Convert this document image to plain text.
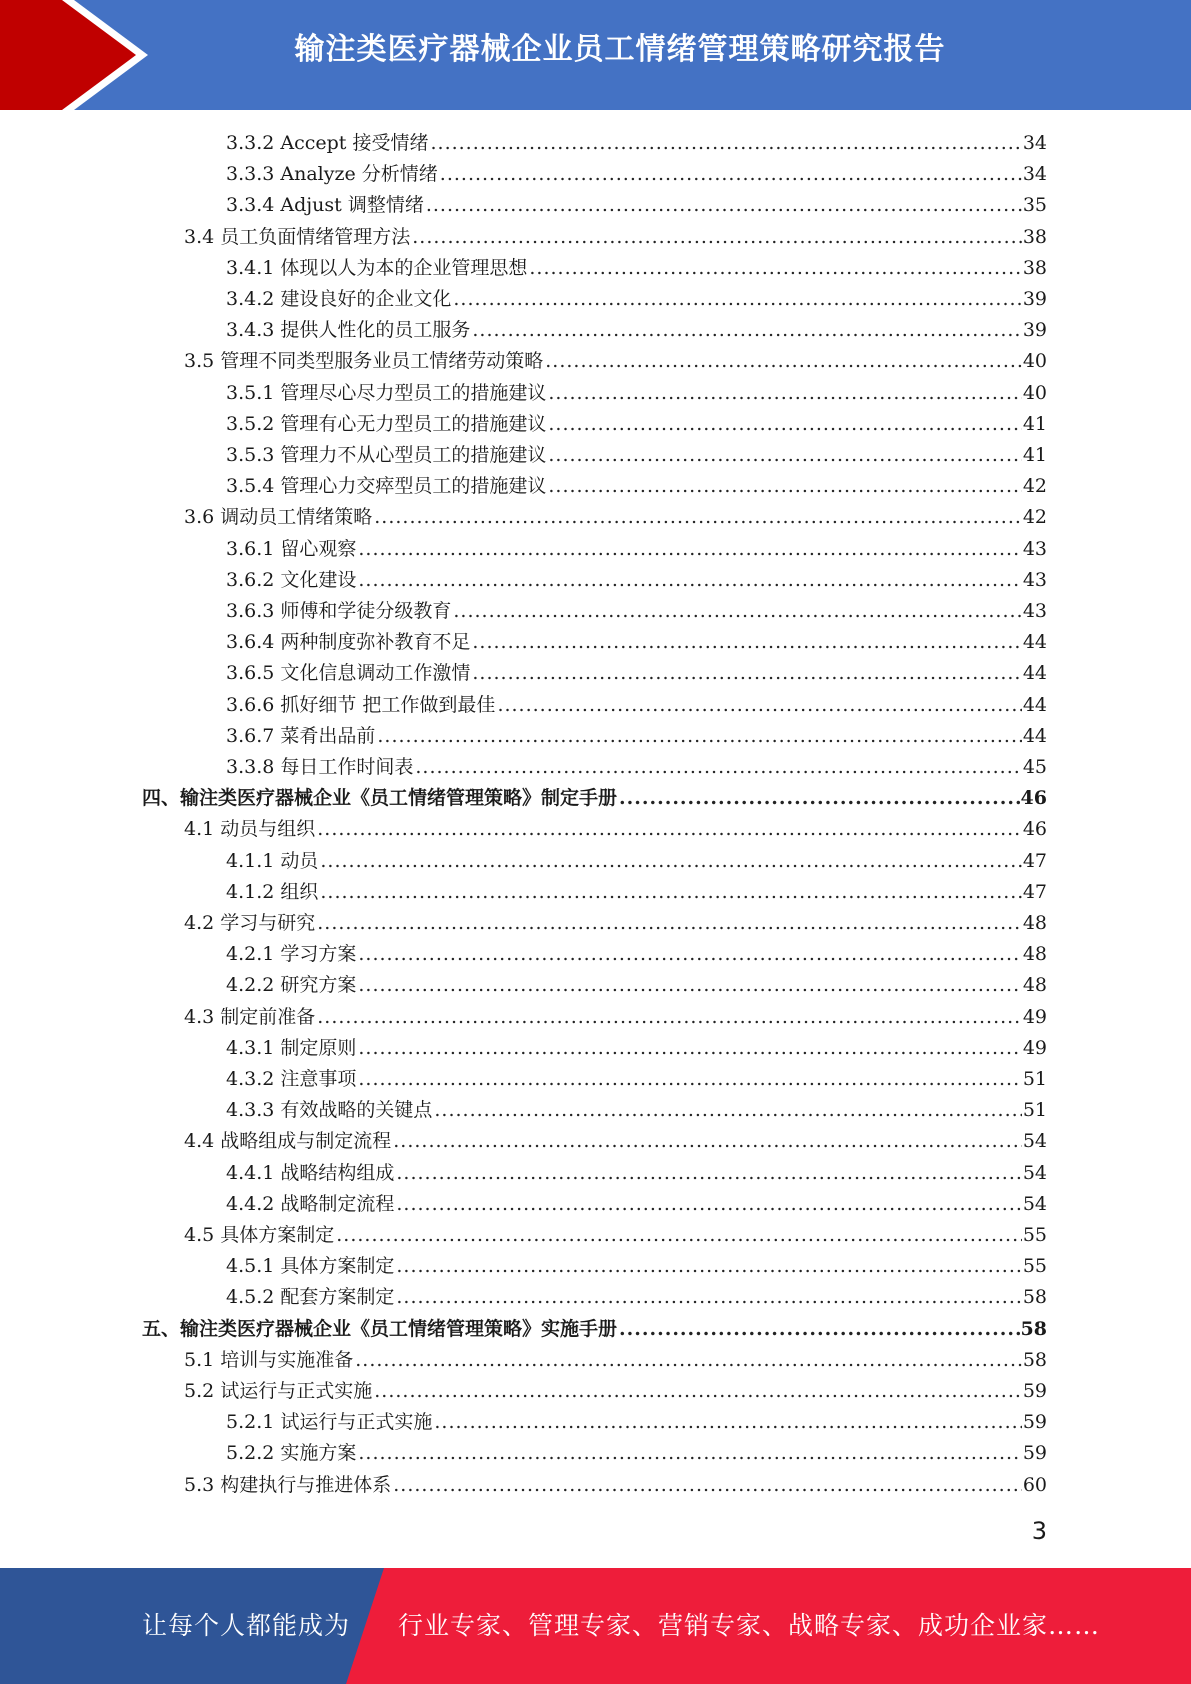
输注类医疗器械企业员工情绪管理策略研究报告
3.3.2 Accept 接受情绪 .....	34
3.3.3 Analyze 分析情绪 .....	34
3.3.4 Adjust 调整情绪 .....	35
3.4 员工负面情绪管理方法 .....	38
3.4.1 体现以人为本的企业管理思想 .....	38
3.4.2 建设良好的企业文化 .....	39
3.4.3 提供人性化的员工服务 .....	39
3.5 管理不同类型服务业员工情绪劳动策略 .....	40
3.5.1 管理尽心尽力型员工的措施建议 .....	40
3.5.2 管理有心无力型员工的措施建议 .....	41
3.5.3 管理力不从心型员工的措施建议 .....	41
3.5.4 管理心力交瘁型员工的措施建议 .....	42
3.6 调动员工情绪策略 .....	42
3.6.1 留心观察 .....	43
3.6.2 文化建设 .....	43
3.6.3 师傅和学徒分级教育 .....	43
3.6.4 两种制度弥补教育不足 .....	44
3.6.5 文化信息调动工作激情 .....	44
3.6.6 抓好细节 把工作做到最佳 .....	44
3.6.7 菜肴出品前 .....	44
3.3.8 每日工作时间表 .....	45
四、输注类医疗器械企业《员工情绪管理策略》制定手册 .....	46
4.1 动员与组织 .....	46
4.1.1 动员 .....	47
4.1.2 组织 .....	47
4.2 学习与研究 .....	48
4.2.1 学习方案 .....	48
4.2.2 研究方案 .....	48
4.3 制定前准备 .....	49
4.3.1 制定原则 .....	49
4.3.2 注意事项 .....	51
4.3.3 有效战略的关键点 .....	51
4.4 战略组成与制定流程 .....	54
4.4.1 战略结构组成 .....	54
4.4.2 战略制定流程 .....	54
4.5 具体方案制定 .....	55
4.5.1 具体方案制定 .....	55
4.5.2 配套方案制定 .....	58
五、输注类医疗器械企业《员工情绪管理策略》实施手册 .....	58
5.1 培训与实施准备 .....	58
5.2 试运行与正式实施 .....	59
5.2.1 试运行与正式实施 .....	59
5.2.2 实施方案 .....	59
5.3 构建执行与推进体系 .....	60
3
让每个人都能成为 行业专家、管理专家、营销专家、战略专家、成功企业家……
